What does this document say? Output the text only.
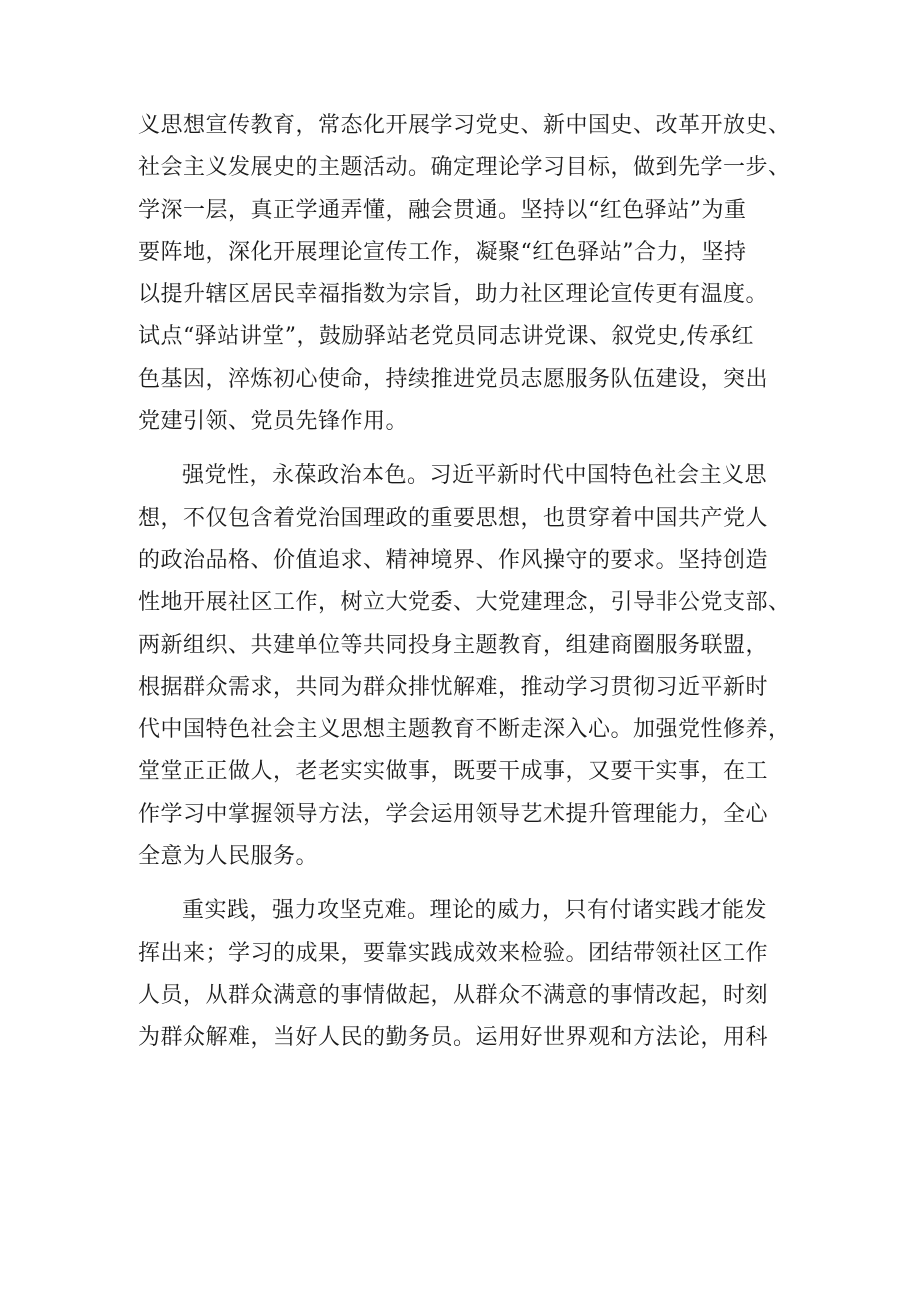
义思想宣传教育，常态化开展学习党史、新中国史、改革开放史、
社会主义发展史的主题活动。确定理论学习目标，做到先学一步、
学深一层，真正学通弄懂，融会贯通。坚持以“红色驿站”为重
要阵地，深化开展理论宣传工作，凝聚“红色驿站”合力，坚持
以提升辖区居民幸福指数为宗旨，助力社区理论宣传更有温度。
试点“驿站讲堂”，鼓励驿站老党员同志讲党课、叙党史,传承红
色基因，淬炼初心使命，持续推进党员志愿服务队伍建设，突出
党建引领、党员先锋作用。
强党性，永葆政治本色。习近平新时代中国特色社会主义思
想，不仅包含着党治国理政的重要思想，也贯穿着中国共产党人
的政治品格、价值追求、精神境界、作风操守的要求。坚持创造
性地开展社区工作，树立大党委、大党建理念，引导非公党支部、
两新组织、共建单位等共同投身主题教育，组建商圈服务联盟，
根据群众需求，共同为群众排忧解难，推动学习贯彻习近平新时
代中国特色社会主义思想主题教育不断走深入心。加强党性修养，
堂堂正正做人，老老实实做事，既要干成事，又要干实事，在工
作学习中掌握领导方法，学会运用领导艺术提升管理能力，全心
全意为人民服务。
重实践，强力攻坚克难。理论的威力，只有付诸实践才能发
挥出来；学习的成果，要靠实践成效来检验。团结带领社区工作
人员，从群众满意的事情做起，从群众不满意的事情改起，时刻
为群众解难，当好人民的勤务员。运用好世界观和方法论，用科
